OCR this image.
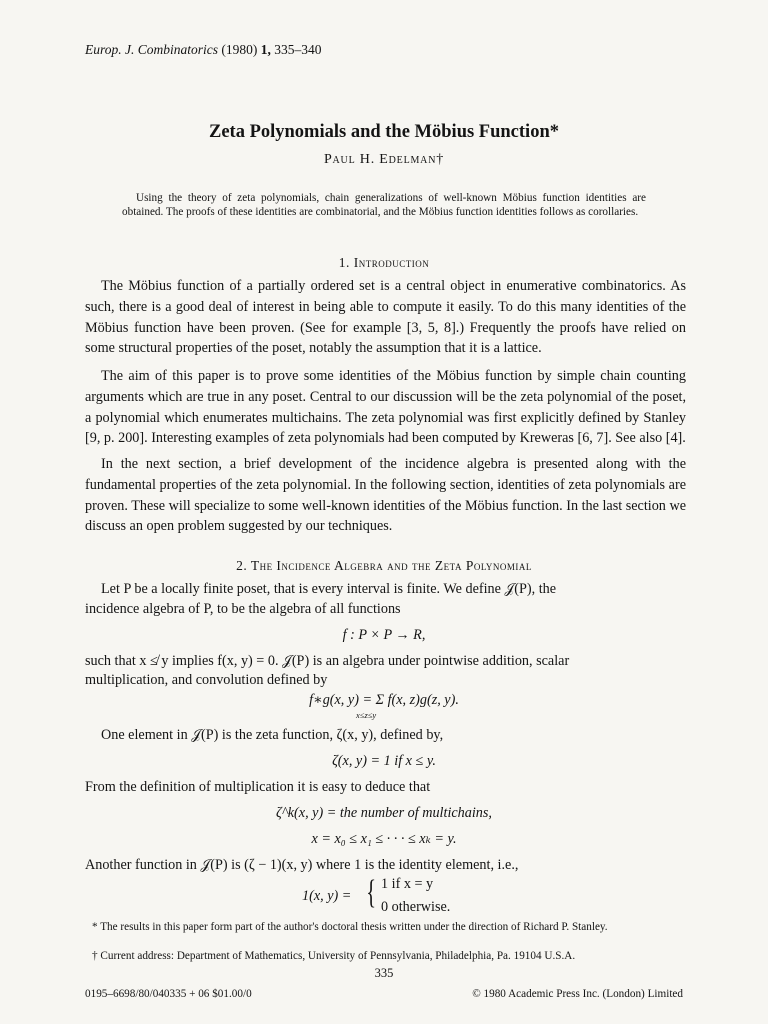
Europ. J. Combinatorics (1980) 1, 335–340
Zeta Polynomials and the Möbius Function*
Paul H. Edelman†
Using the theory of zeta polynomials, chain generalizations of well-known Möbius function identities are obtained. The proofs of these identities are combinatorial, and the Möbius function identities follows as corollaries.
1. Introduction

The Möbius function of a partially ordered set is a central object in enumerative combinatorics. As such, there is a good deal of interest in being able to compute it easily. To do this many identities of the Möbius function have been proven. (See for example [3, 5, 8].) Frequently the proofs have relied on some structural properties of the poset, notably the assumption that it is a lattice.

The aim of this paper is to prove some identities of the Möbius function by simple chain counting arguments which are true in any poset. Central to our discussion will be the zeta polynomial of the poset, a polynomial which enumerates multichains. The zeta polynomial was first explicitly defined by Stanley [9, p. 200]. Interesting examples of zeta polynomials had been computed by Kreweras [6, 7]. See also [4].

In the next section, a brief development of the incidence algebra is presented along with the fundamental properties of the zeta polynomial. In the following section, identities of zeta polynomials are proven. These will specialize to some well-known identities of the Möbius function. In the last section we discuss an open problem suggested by our techniques.

2. The Incidence Algebra and the Zeta Polynomial
Let P be a locally finite poset, that is every interval is finite. We define 𝒥(P), the
incidence algebra of P, to be the algebra of all functions
f : P × P → R,
such that x ≰ y implies f(x, y) = 0. 𝒥(P) is an algebra under pointwise addition, scalar
multiplication, and convolution defined by
f∗g(x, y) = Σ f(x, z)g(z, y).
x≤z≤y
One element in 𝒥(P) is the zeta function, ζ(x, y), defined by,
ζ(x, y) = 1 if x ≤ y.
From the definition of multiplication it is easy to deduce that
ζ^k(x, y) = the number of multichains,
x = x₀ ≤ x₁ ≤ · · · ≤ xₖ = y.
Another function in 𝒥(P) is (ζ − 1)(x, y) where 1 is the identity element, i.e.,
1(x, y) = { 1 if x = y
0 otherwise.
* The results in this paper form part of the author's doctoral thesis written under the direction of Richard P. Stanley.
† Current address: Department of Mathematics, University of Pennsylvania, Philadelphia, Pa. 19104 U.S.A.
335
0195–6698/80/040335 + 06 $01.00/0	© 1980 Academic Press Inc. (London) Limited
